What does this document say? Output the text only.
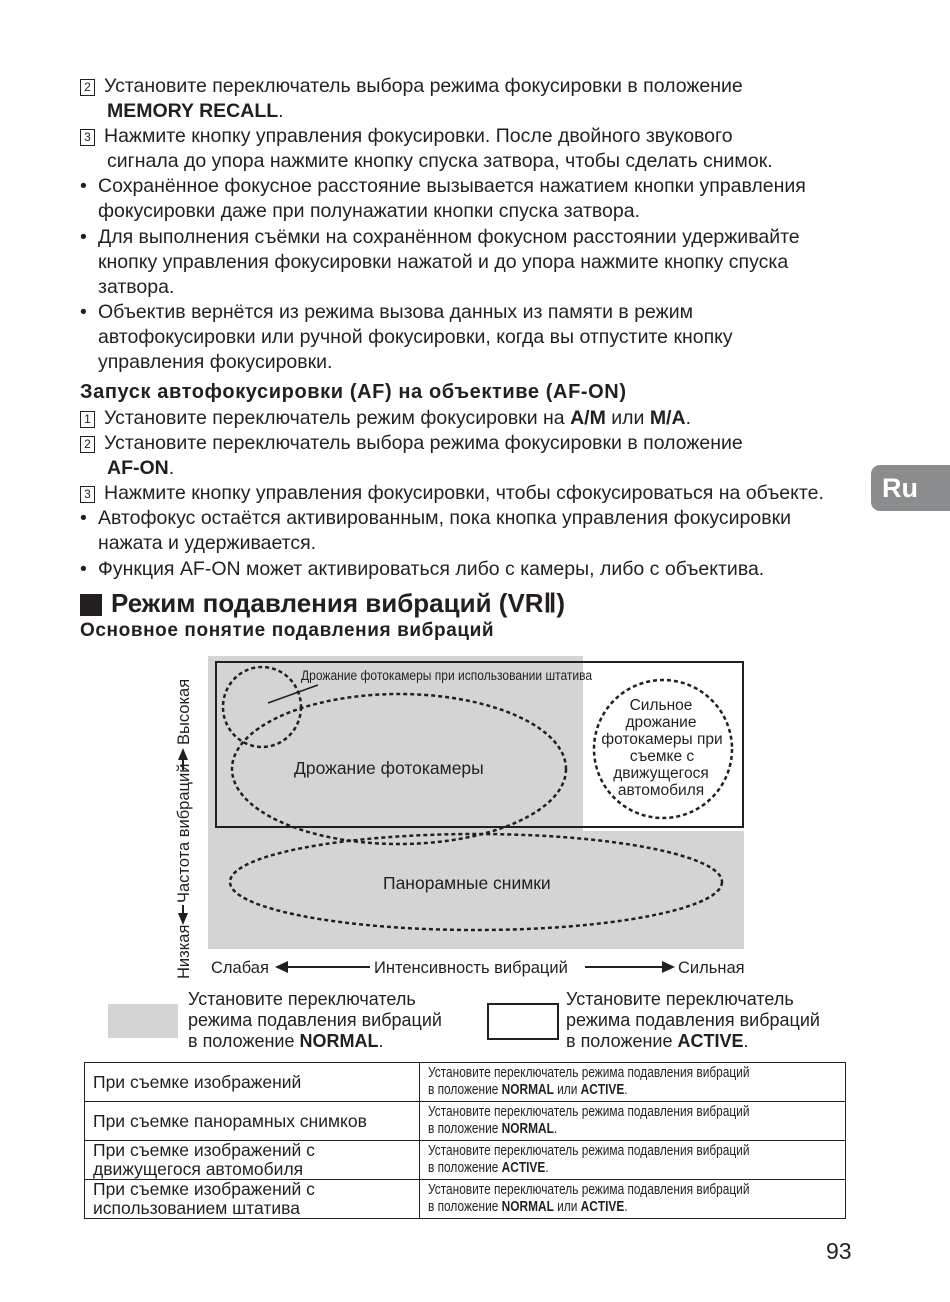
2 Установите переключатель выбора режима фокусировки в положение
MEMORY RECALL.
3 Нажмите кнопку управления фокусировки. После двойного звукового
сигнала до упора нажмите кнопку спуска затвора, чтобы сделать снимок.
• Сохранённое фокусное расстояние вызывается нажатием кнопки управления
фокусировки даже при полунажатии кнопки спуска затвора.
• Для выполнения съёмки на сохранённом фокусном расстоянии удерживайте
кнопку управления фокусировки нажатой и до упора нажмите кнопку спуска
затвора.
• Объектив вернётся из режима вызова данных из памяти в режим
автофокусировки или ручной фокусировки, когда вы отпустите кнопку
управления фокусировки.
Запуск автофокусировки (AF) на объективе (AF-ON)
1 Установите переключатель режим фокусировки на A/M или M/A.
2 Установите переключатель выбора режима фокусировки в положение
AF-ON.
3 Нажмите кнопку управления фокусировки, чтобы сфокусироваться на объекте.
• Автофокус остаётся активированным, пока кнопка управления фокусировки
нажата и удерживается.
• Функция AF-ON может активироваться либо с камеры, либо с объектива.
Ru
Режим подавления вибраций (VRⅡ)
Основное понятие подавления вибраций
Дрожание фотокамеры при использовании штатива
Дрожание фотокамеры
Сильное
дрожание
фотокамеры при
съемке с
движущегося
автомобиля
Панорамные снимки
Низкая
Частота вибраций
Высокая
Слабая	Интенсивность вибраций	Сильная
Установите переключатель
режима подавления вибраций
в положение NORMAL.
Установите переключатель
режима подавления вибраций
в положение ACTIVE.
При съемке изображений	Установите переключатель режима подавления вибраций
в положение NORMAL или ACTIVE.
При съемке панорамных снимков	Установите переключатель режима подавления вибраций
в положение NORMAL.
При съемке изображений с
движущегося автомобиля	Установите переключатель режима подавления вибраций
в положение ACTIVE.
При съемке изображений с
использованием штатива	Установите переключатель режима подавления вибраций
в положение NORMAL или ACTIVE.
93
